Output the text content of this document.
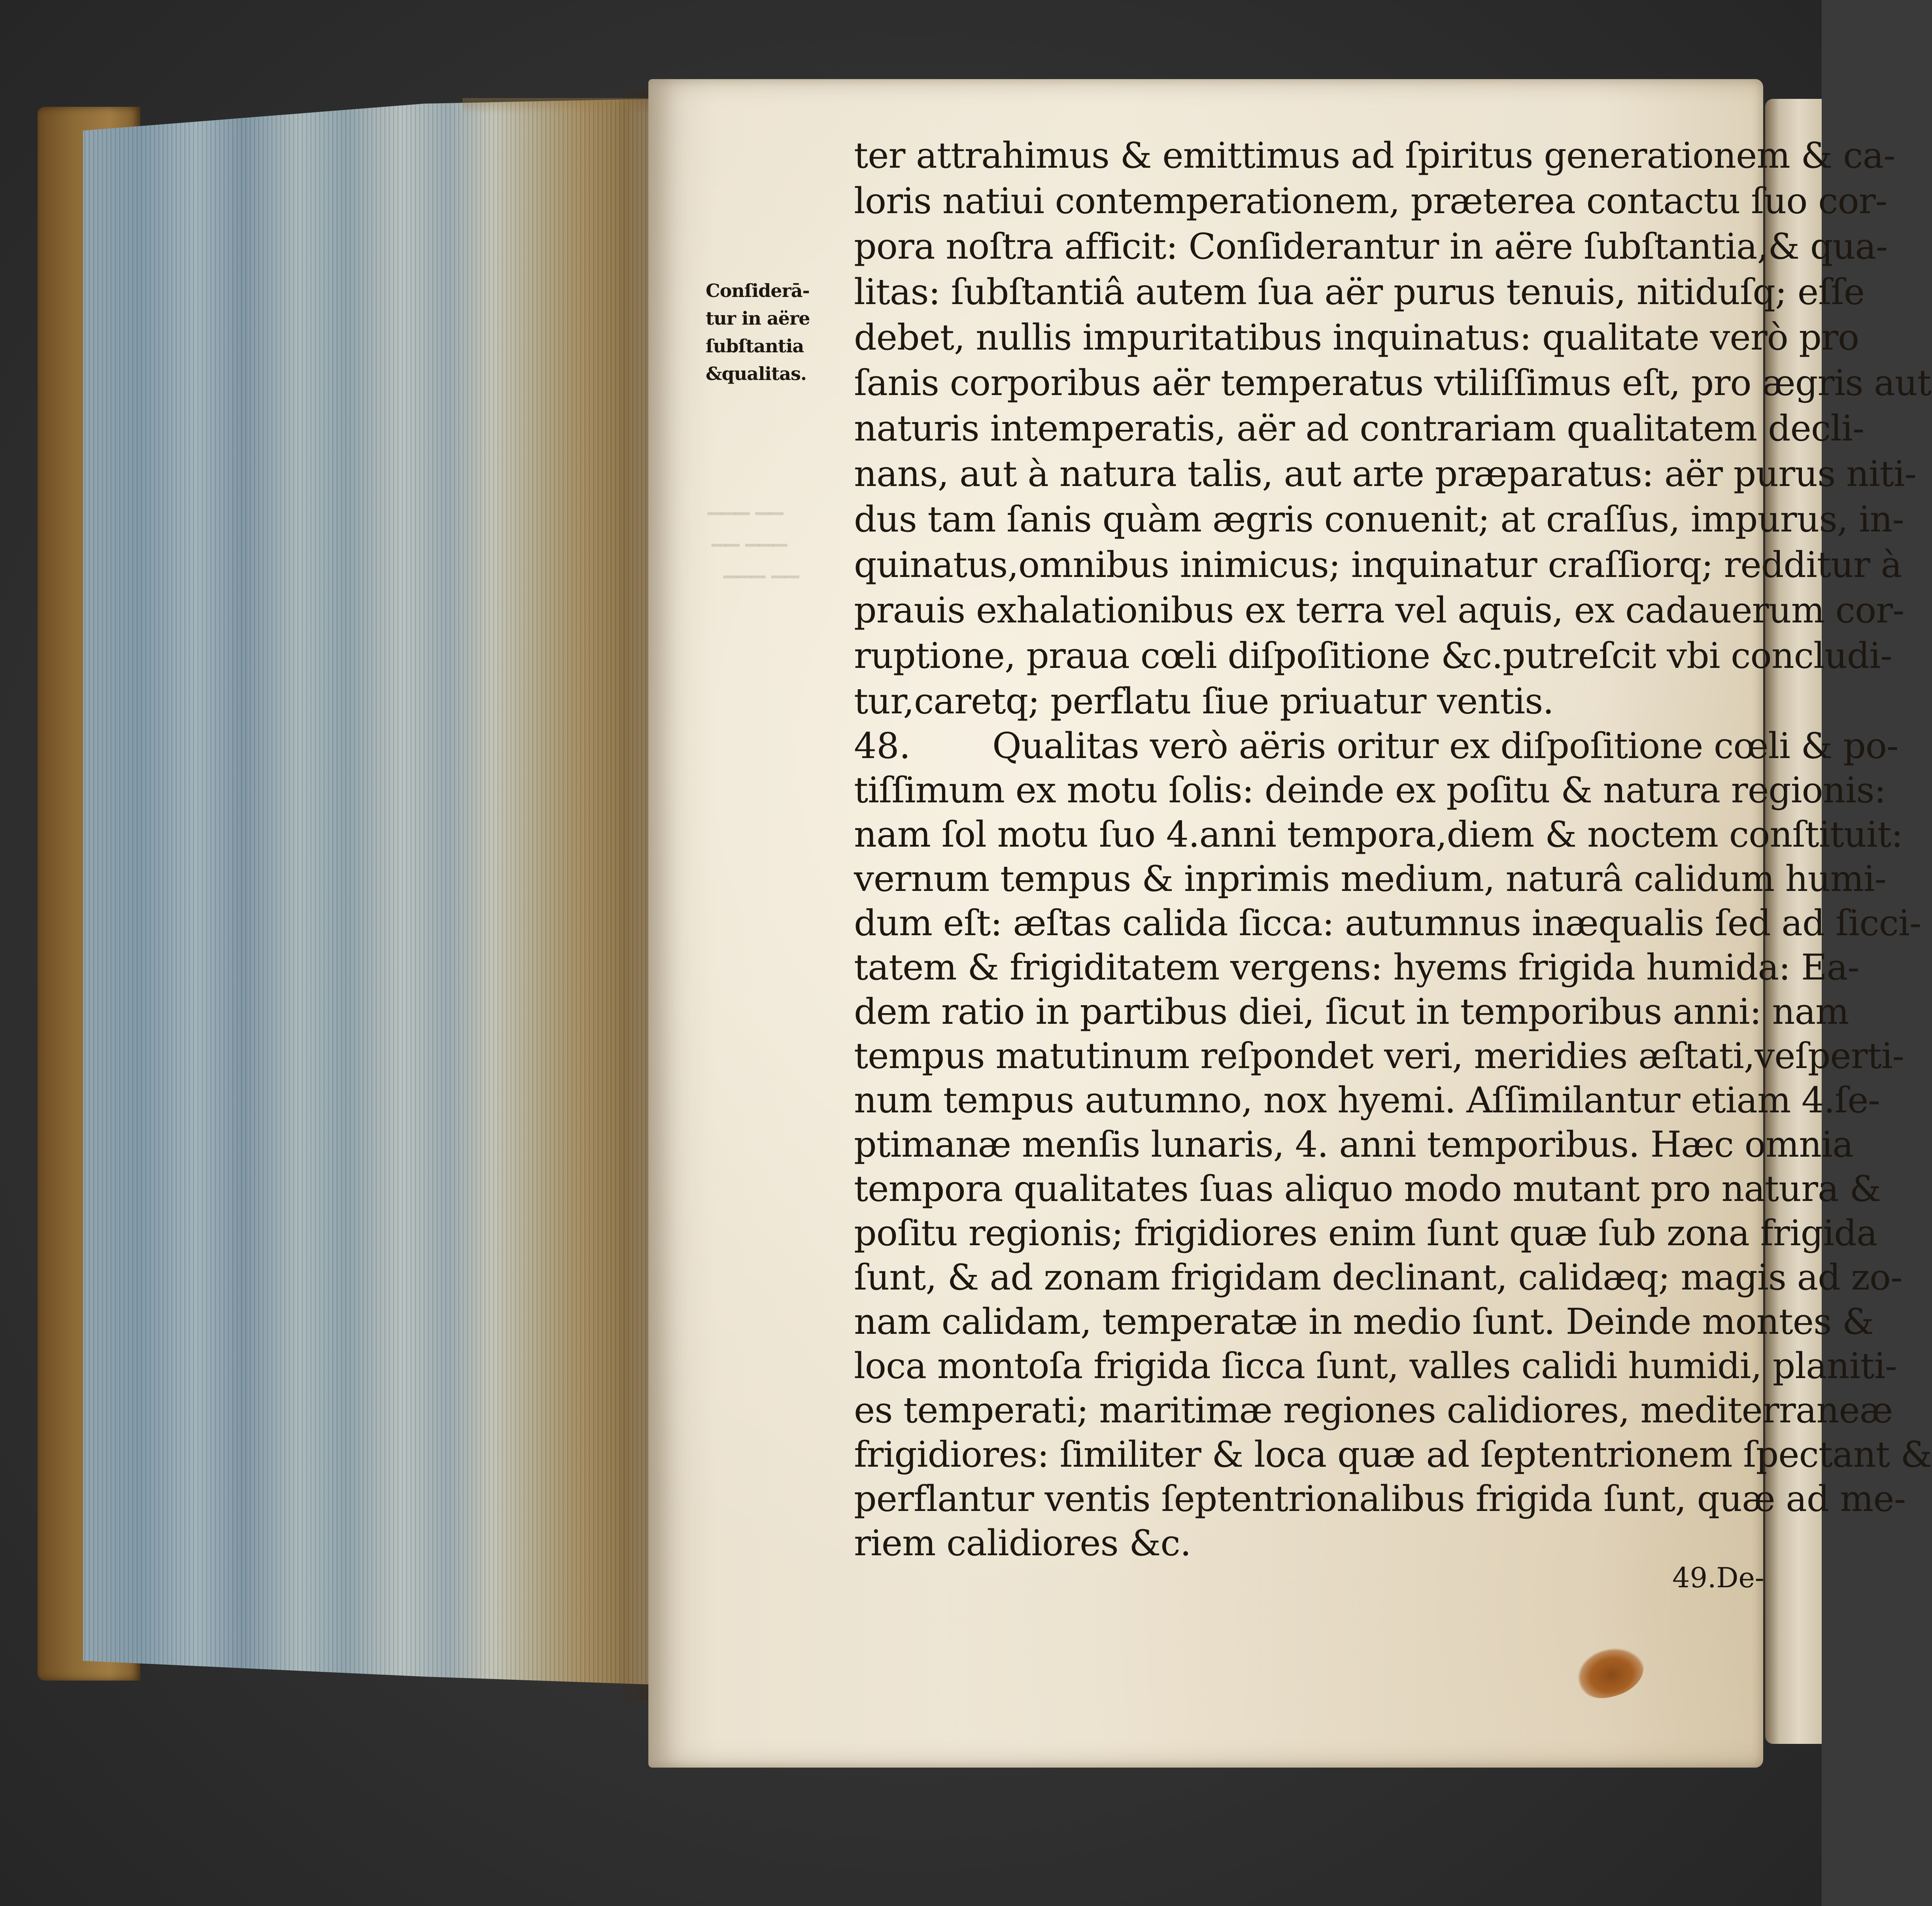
▁▁▁ ▁▁
▁▁ ▁▁▁
▁▁▁ ▁▁
Conſiderā-
tur in aëre
ſubſtantia
&qualitas.
ter attrahimus & emittimus ad ſpiritus generationem & ca-
loris natiui contemperationem, præterea contactu ſuo cor-
pora noſtra afficit: Conſiderantur in aëre ſubſtantia,& qua-
litas: ſubſtantiâ autem ſua aër purus tenuis, nitiduſq; eſſe
debet, nullis impuritatibus inquinatus: qualitate verò pro
ſanis corporibus aër temperatus vtiliſſimus eſt, pro ægris aut
naturis intemperatis, aër ad contrariam qualitatem decli-
nans, aut à natura talis, aut arte præparatus: aër purus niti-
dus tam ſanis quàm ægris conuenit; at craſſus, impurus, in-
quinatus,omnibus inimicus; inquinatur craſſiorq; redditur à
prauis exhalationibus ex terra vel aquis, ex cadauerum cor-
ruptione, praua cœli diſpoſitione &c.putreſcit vbi concludi-
tur,caretq; perflatu ſiue priuatur ventis.
48.	Qualitas verò aëris oritur ex diſpoſitione cœli & po-
tiſſimum ex motu ſolis: deinde ex poſitu & natura regionis:
nam ſol motu ſuo 4.anni tempora,diem & noctem conſtituit:
vernum tempus & inprimis medium, naturâ calidum humi-
dum eſt: æſtas calida ſicca: autumnus inæqualis ſed ad ſicci-
tatem & frigiditatem vergens: hyems frigida humida: Ea-
dem ratio in partibus diei, ſicut in temporibus anni: nam
tempus matutinum reſpondet veri, meridies æſtati,veſperti-
num tempus autumno, nox hyemi. Aſſimilantur etiam 4.ſe-
ptimanæ menſis lunaris, 4. anni temporibus. Hæc omnia
tempora qualitates ſuas aliquo modo mutant pro natura &
poſitu regionis; frigidiores enim ſunt quæ ſub zona frigida
ſunt, & ad zonam frigidam declinant, calidæq; magis ad zo-
nam calidam, temperatæ in medio ſunt. Deinde montes &
loca montoſa frigida ſicca ſunt, valles calidi humidi, planiti-
es temperati; maritimæ regiones calidiores, mediterraneæ
frigidiores: ſimiliter & loca quæ ad ſeptentrionem ſpectant &
perflantur ventis ſeptentrionalibus frigida ſunt, quæ ad me-
riem calidiores &c.
49.De-
